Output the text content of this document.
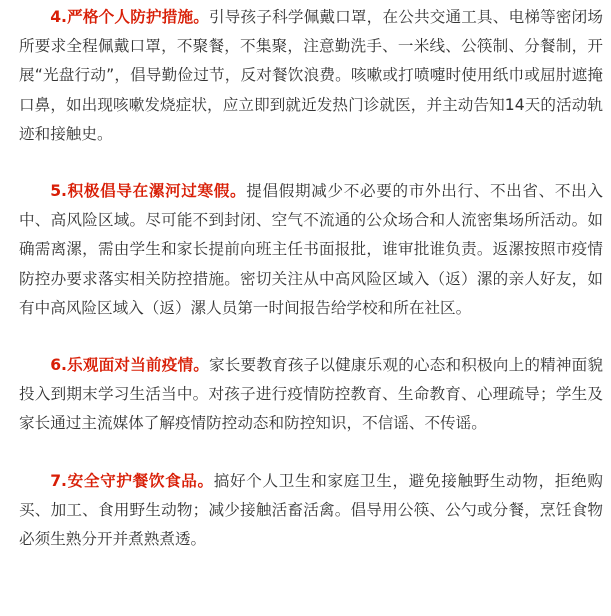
4.严格个人防护措施。引导孩子科学佩戴口罩，在公共交通工具、电梯等密闭场所要求全程佩戴口罩，不聚餐，不集聚，注意勤洗手、一米线、公筷制、分餐制，开展“光盘行动”，倡导勤俭过节，反对餐饮浪费。咳嗽或打喷嚏时使用纸巾或屈肘遮掩口鼻，如出现咳嗽发烧症状，应立即到就近发热门诊就医，并主动告知14天的活动轨迹和接触史。

5.积极倡导在漯河过寒假。提倡假期减少不必要的市外出行、不出省、不出入中、高风险区域。尽可能不到封闭、空气不流通的公众场合和人流密集场所活动。如确需离漯，需由学生和家长提前向班主任书面报批，谁审批谁负责。返漯按照市疫情防控办要求落实相关防控措施。密切关注从中高风险区域入（返）漯的亲人好友，如有中高风险区域入（返）漯人员第一时间报告给学校和所在社区。

6.乐观面对当前疫情。家长要教育孩子以健康乐观的心态和积极向上的精神面貌投入到期末学习生活当中。对孩子进行疫情防控教育、生命教育、心理疏导；学生及家长通过主流媒体了解疫情防控动态和防控知识，不信谣、不传谣。

7.安全守护餐饮食品。搞好个人卫生和家庭卫生，避免接触野生动物，拒绝购买、加工、食用野生动物；减少接触活畜活禽。倡导用公筷、公勺或分餐，烹饪食物必须生熟分开并煮熟煮透。
